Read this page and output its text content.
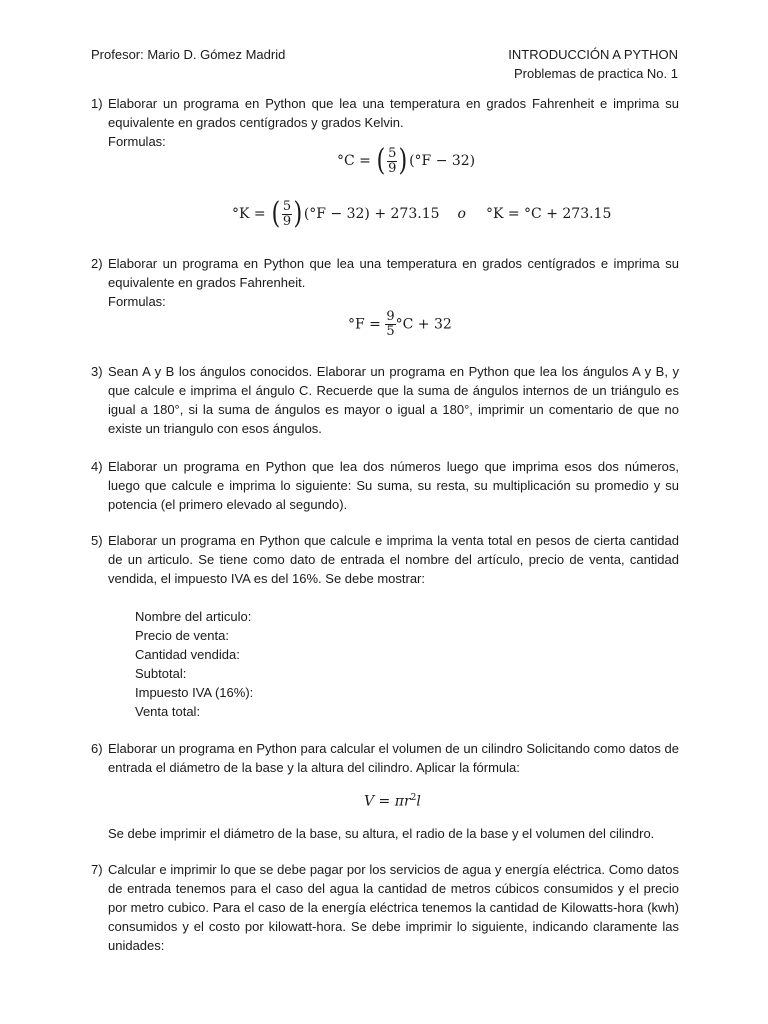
Profesor: Mario D. Gómez Madrid	INTRODUCCIÓN A PYTHON
Problemas de practica No. 1
1) Elaborar un programa en Python que lea una temperatura en grados Fahrenheit e imprima su equivalente en grados centígrados y grados Kelvin.

Formulas:

°C = ( $\frac{5}{9} )(^\circ F - 32)$
°K = ( $\frac{5}{9} )(^\circ F - 32) + 273.15$ o °K = °C + 273.15
2) Elaborar un programa en Python que lea una temperatura en grados centígrados e imprima su equivalente en grados Fahrenheit.

Formulas:

$^\circ F = \frac{9}{5} ^\circ C + 32$
3) Sean A y B los ángulos conocidos. Elaborar un programa en Python que lea los ángulos A y B, y que calcule e imprima el ángulo C. Recuerde que la suma de ángulos internos de un triángulo es igual a 180°, si la suma de ángulos es mayor o igual a 180°, imprimir un comentario de que no existe un triangulo con esos ángulos.

4) Elaborar un programa en Python que lea dos números luego que imprima esos dos números, luego que calcule e imprima lo siguiente: Su suma, su resta, su multiplicación su promedio y su potencia (el primero elevado al segundo).

5) Elaborar un programa en Python que calcule e imprima la venta total en pesos de cierta cantidad de un articulo. Se tiene como dato de entrada el nombre del artículo, precio de venta, cantidad vendida, el impuesto IVA es del 16%. Se debe mostrar:

Nombre del articulo:
Precio de venta:
Cantidad vendida:
Subtotal:
Impuesto IVA (16%):
Venta total:
6) Elaborar un programa en Python para calcular el volumen de un cilindro Solicitando como datos de entrada el diámetro de la base y la altura del cilindro. Aplicar la fórmula:

$V = \pi r^2l$
Se debe imprimir el diámetro de la base, su altura, el radio de la base y el volumen del cilindro.
7) Calcular e imprimir lo que se debe pagar por los servicios de agua y energía eléctrica. Como datos de entrada tenemos para el caso del agua la cantidad de metros cúbicos consumidos y el precio por metro cubico. Para el caso de la energía eléctrica tenemos la cantidad de Kilowatts-hora (kwh) consumidos y el costo por kilowatt-hora. Se debe imprimir lo siguiente, indicando claramente las unidades:
